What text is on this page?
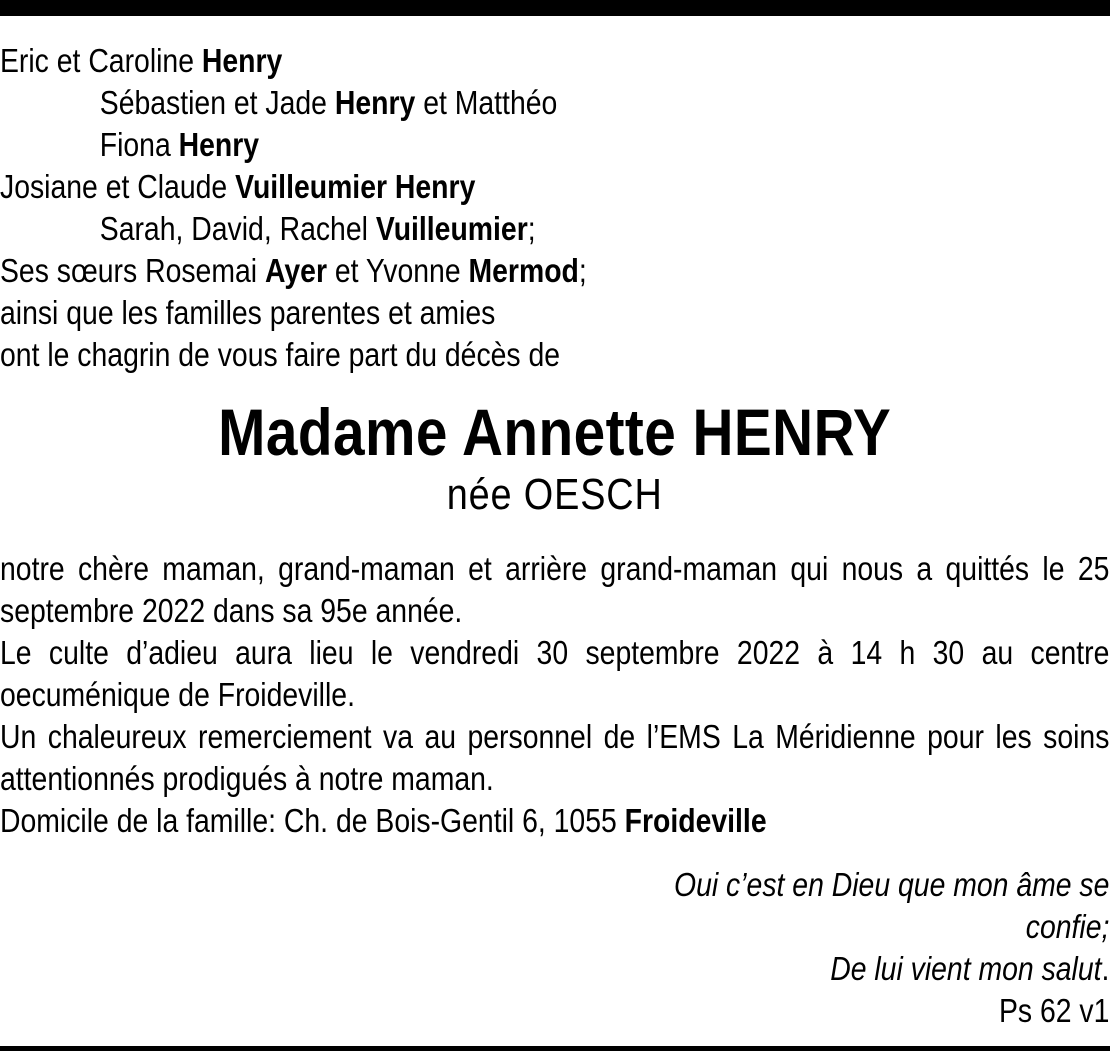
Eric et Caroline Henry
Sébastien et Jade Henry et Matthéo
Fiona Henry
Josiane et Claude Vuilleumier Henry
Sarah, David, Rachel Vuilleumier;
Ses sœurs Rosemai Ayer et Yvonne Mermod;
ainsi que les familles parentes et amies
ont le chagrin de vous faire part du décès de
Madame Annette HENRY
née OESCH

notre chère maman, grand-maman et arrière grand-maman qui nous a quittés le 25 septembre 2022 dans sa 95e année.

Le culte d’adieu aura lieu le vendredi 30 septembre 2022 à 14 h 30 au centre oecuménique de Froideville.

Un chaleureux remerciement va au personnel de l’EMS La Méridienne pour les soins attentionnés prodigués à notre maman.

Domicile de la famille: Ch. de Bois-Gentil 6, 1055 Froideville

Oui c’est en Dieu que mon âme se
confie;
De lui vient mon salut.
Ps 62 v1
